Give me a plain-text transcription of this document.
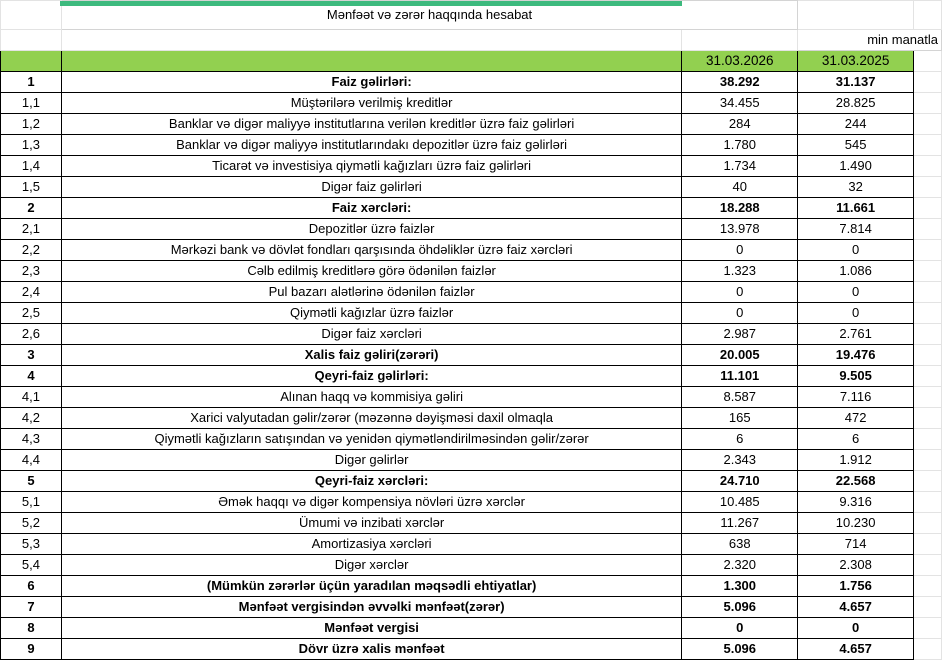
	Mənfəət və zərər haqqında hesabat			
			min manatla	
		31.03.2026	31.03.2025	
1	Faiz gəlirləri:	38.292	31.137	
1,1	Müştərilərə verilmiş kreditlər	34.455	28.825	
1,2	Banklar və digər maliyyə institutlarına verilən kreditlər üzrə faiz gəlirləri	284	244	
1,3	Banklar və digər maliyyə institutlarındakı depozitlər üzrə faiz gəlirləri	1.780	545	
1,4	Ticarət və investisiya qiymətli kağızları üzrə faiz gəlirləri	1.734	1.490	
1,5	Digər faiz gəlirləri	40	32	
2	Faiz xərcləri:	18.288	11.661	
2,1	Depozitlər üzrə faizlər	13.978	7.814	
2,2	Mərkəzi bank və dövlət fondları qarşısında öhdəliklər üzrə faiz xərcləri	0	0	
2,3	Cəlb edilmiş kreditlərə görə ödənilən faizlər	1.323	1.086	
2,4	Pul bazarı alətlərinə ödənilən faizlər	0	0	
2,5	Qiymətli kağızlar üzrə faizlər	0	0	
2,6	Digər faiz xərcləri	2.987	2.761	
3	Xalis faiz gəliri(zərəri)	20.005	19.476	
4	Qeyri-faiz gəlirləri:	11.101	9.505	
4,1	Alınan haqq və kommisiya gəliri	8.587	7.116	
4,2	Xarici valyutadan gəlir/zərər (məzənnə dəyişməsi daxil olmaqla	165	472	
4,3	Qiymətli kağızların satışından və yenidən qiymətləndirilməsindən gəlir/zərər	6	6	
4,4	Digər gəlirlər	2.343	1.912	
5	Qeyri-faiz xərcləri:	24.710	22.568	
5,1	Əmək haqqı və digər kompensiya növləri üzrə xərclər	10.485	9.316	
5,2	Ümumi və inzibati xərclər	11.267	10.230	
5,3	Amortizasiya xərcləri	638	714	
5,4	Digər xərclər	2.320	2.308	
6	(Mümkün zərərlər üçün yaradılan məqsədli ehtiyatlar)	1.300	1.756	
7	Mənfəət vergisindən əvvəlki mənfəət(zərər)	5.096	4.657	
8	Mənfəət vergisi	0	0	
9	Dövr üzrə xalis mənfəət	5.096	4.657	
